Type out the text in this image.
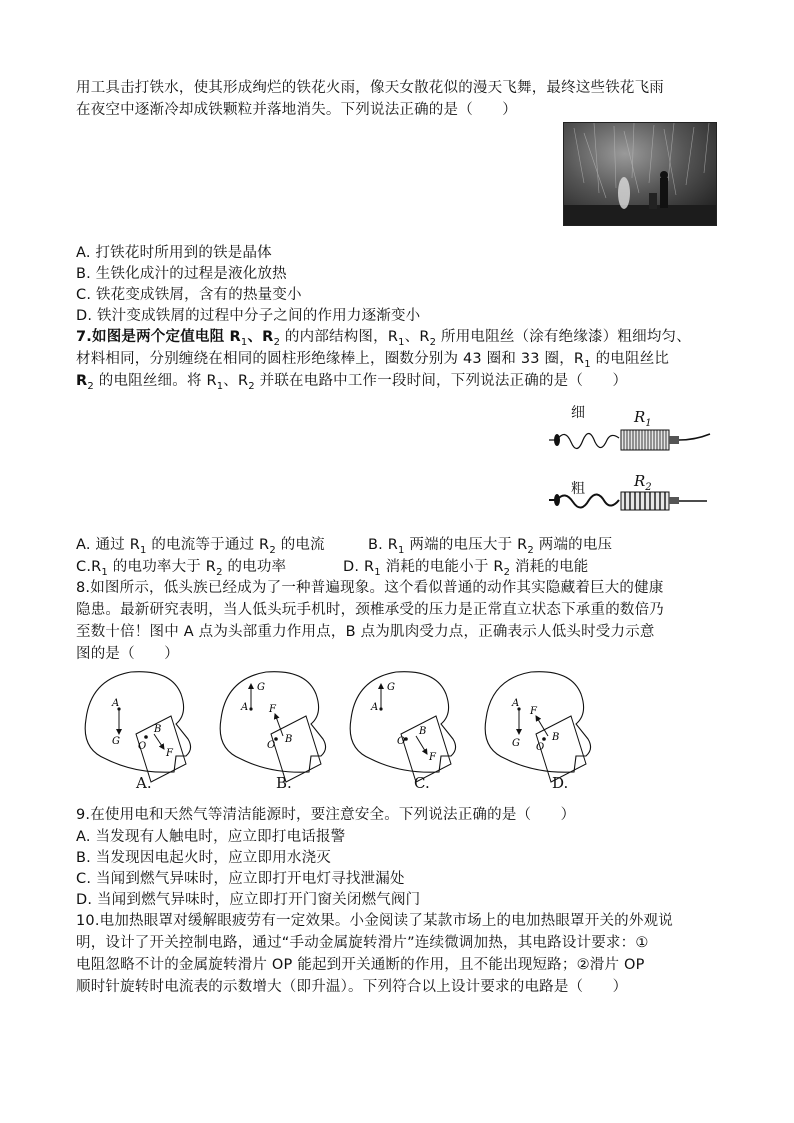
用工具击打铁水，使其形成绚烂的铁花火雨，像天女散花似的漫天飞舞，最终这些铁花飞雨
在夜空中逐渐冷却成铁颗粒并落地消失。下列说法正确的是（　　）
A. 打铁花时所用到的铁是晶体
B. 生铁化成汁的过程是液化放热
C. 铁花变成铁屑，含有的热量变小
D. 铁汁变成铁屑的过程中分子之间的作用力逐渐变小
7.如图是两个定值电阻 $R_1$、$R_2$ 的内部结构图，$R_1$、$R_2$ 所用电阻丝（涂有绝缘漆）粗细均匀、
材料相同，分别缠绕在相同的圆柱形绝缘棒上，圈数分别为 43 圈和 33 圈，$R_1$ 的电阻丝比
$R_2$ 的电阻丝细。将 $R_1$、$R_2$ 并联在电路中工作一段时间，下列说法正确的是（　　）
细	$R_1$
粗	$R_2$
A. 通过 $R_1$ 的电流等于通过 $R_2$ 的电流	B. $R_1$ 两端的电压大于 $R_2$ 两端的电压
$C.R_1$ 的电功率大于 $R_2$ 的电功率	D. $R_1$ 消耗的电能小于 $R_2$ 消耗的电能
8.如图所示，低头族已经成为了一种普遍现象。这个看似普通的动作其实隐藏着巨大的健康
隐患。最新研究表明，当人低头玩手机时，颈椎承受的压力是正常直立状态下承重的数倍乃
至数十倍！图中 A 点为头部重力作用点，B 点为肌肉受力点，正确表示人低头时受力示意
图的是（　　）
A
G O
B
F
G
A
O
B
F
G
A
O
B
F
A
G O
B
F
A.	B.	C.	D.
9.在使用电和天然气等清洁能源时，要注意安全。下列说法正确的是（　　）
A. 当发现有人触电时，应立即打电话报警
B. 当发现因电起火时，应立即用水浇灭
C. 当闻到燃气异味时，应立即打开电灯寻找泄漏处
D. 当闻到燃气异味时，应立即打开门窗关闭燃气阀门
10.电加热眼罩对缓解眼疲劳有一定效果。小金阅读了某款市场上的电加热眼罩开关的外观说
明，设计了开关控制电路，通过“手动金属旋转滑片”连续微调加热，其电路设计要求：①
电阻忽略不计的金属旋转滑片 OP 能起到开关通断的作用，且不能出现短路；②滑片 OP
顺时针旋转时电流表的示数增大（即升温）。下列符合以上设计要求的电路是（　　）
